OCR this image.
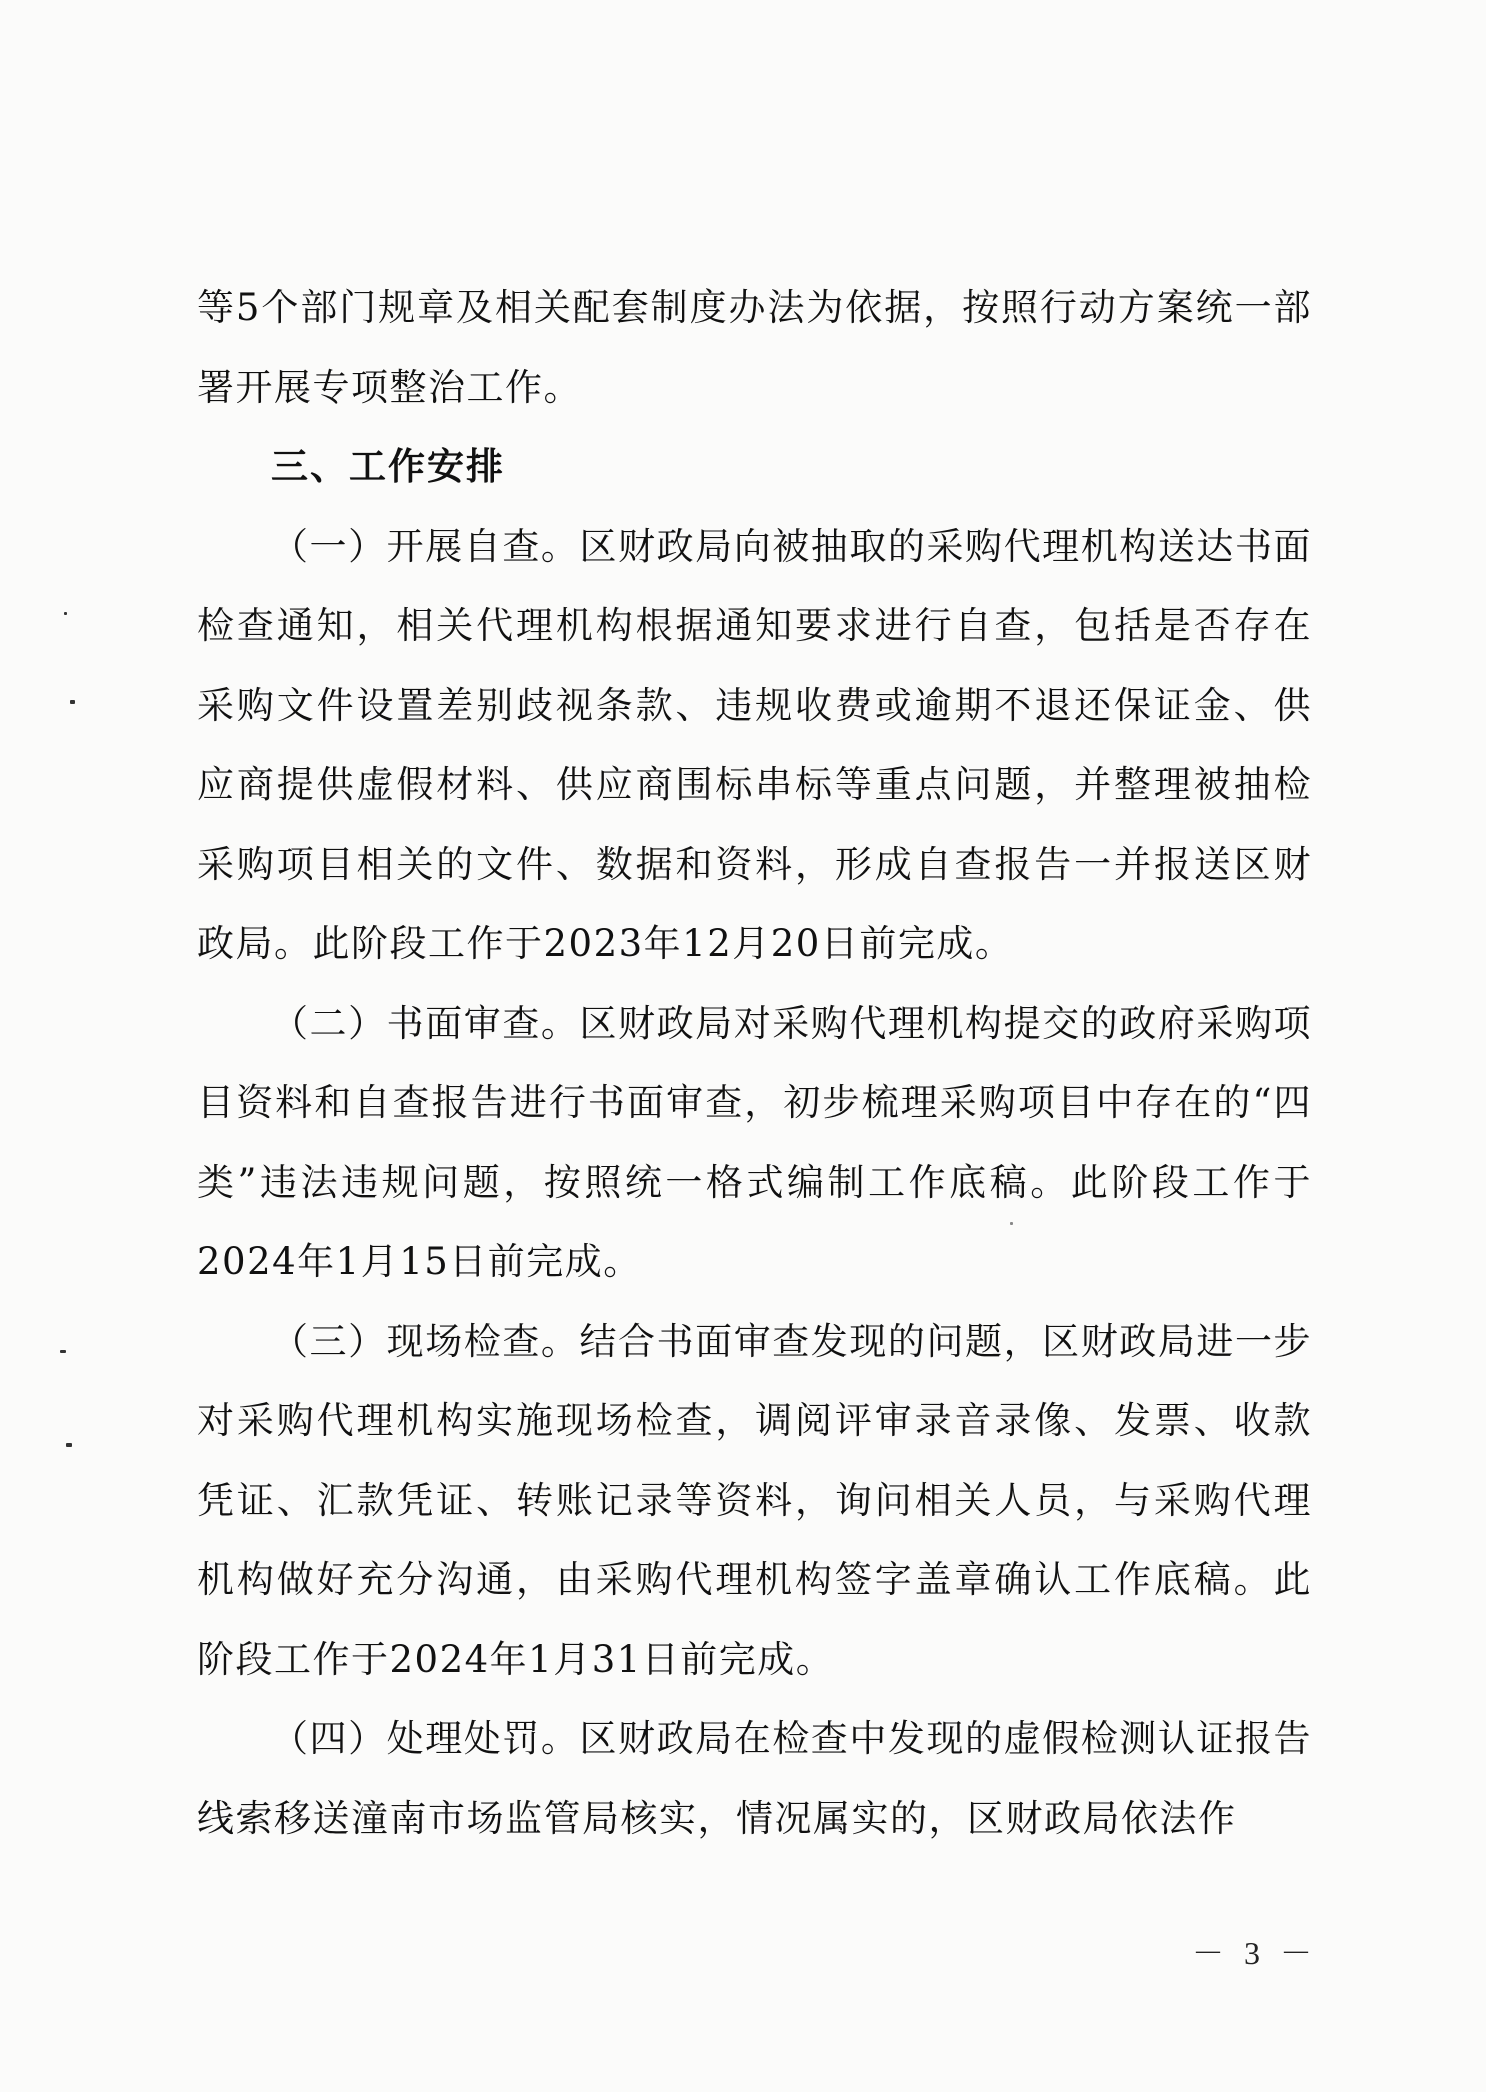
等5个部门规章及相关配套制度办法为依据，按照行动方案统一部署开展专项整治工作。

三、工作安排

（一）开展自查。区财政局向被抽取的采购代理机构送达书面检查通知，相关代理机构根据通知要求进行自查，包括是否存在采购文件设置差别歧视条款、违规收费或逾期不退还保证金、供应商提供虚假材料、供应商围标串标等重点问题，并整理被抽检采购项目相关的文件、数据和资料，形成自查报告一并报送区财政局。此阶段工作于2023年12月20日前完成。

（二）书面审查。区财政局对采购代理机构提交的政府采购项目资料和自查报告进行书面审查，初步梳理采购项目中存在的“四类”违法违规问题，按照统一格式编制工作底稿。此阶段工作于2024年1月15日前完成。

（三）现场检查。结合书面审查发现的问题，区财政局进一步对采购代理机构实施现场检查，调阅评审录音录像、发票、收款凭证、汇款凭证、转账记录等资料，询问相关人员，与采购代理机构做好充分沟通，由采购代理机构签字盖章确认工作底稿。此阶段工作于2024年1月31日前完成。

（四）处理处罚。区财政局在检查中发现的虚假检测认证报告线索移送潼南市场监管局核实，情况属实的，区财政局依法作

－ 3 －
